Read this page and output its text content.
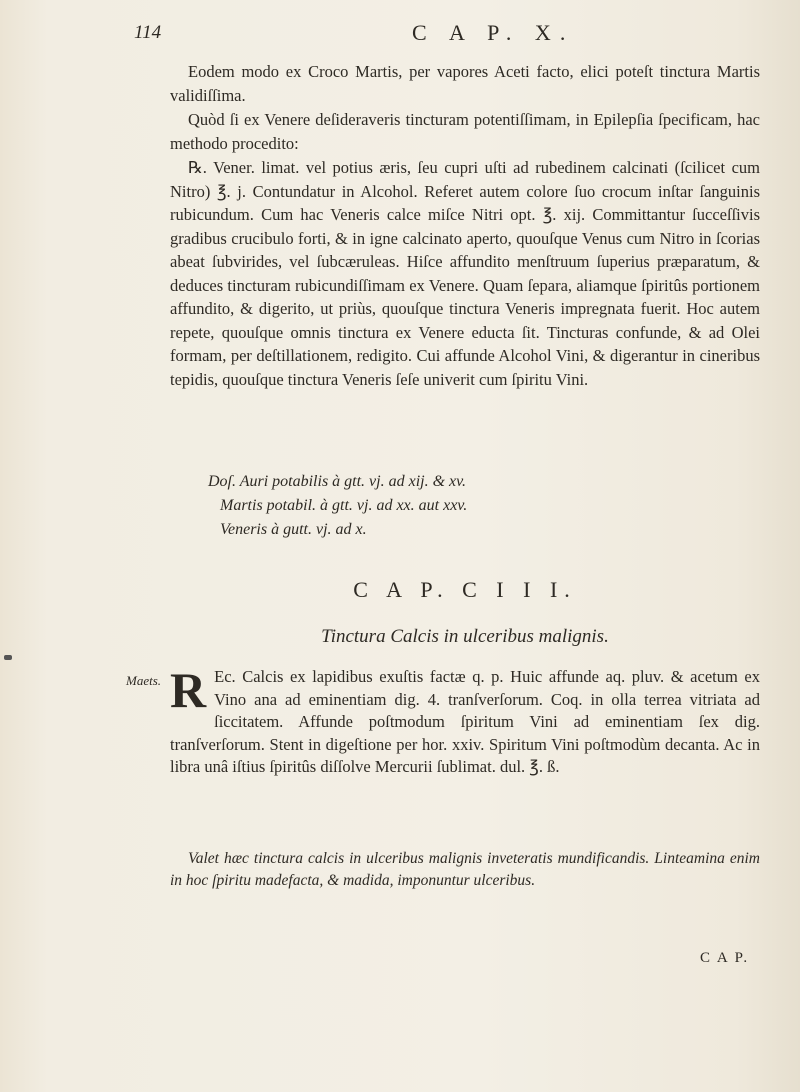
114	C A P. X.

Eodem modo ex Croco Martis, per vapores Aceti facto, elici poteſt tinctura Martis validiſſima.

Quòd ſi ex Venere deſideraveris tincturam potentiſſimam, in Epilepſia ſpecificam, hac methodo procedito:

℞. Vener. limat. vel potius æris, ſeu cupri uſti ad rubedinem calcinati (ſcilicet cum Nitro) ℥. j. Contundatur in Alcohol. Referet autem colore ſuo crocum inſtar ſanguinis rubicundum. Cum hac Veneris calce miſce Nitri opt. ℥. xij. Committantur ſucceſſivis gradibus crucibulo forti, & in igne calcinato aperto, quouſque Venus cum Nitro in ſcorias abeat ſubvirides, vel ſubcæruleas. Hiſce affundito menſtruum ſuperius præparatum, & deduces tincturam rubicundiſſimam ex Venere. Quam ſepara, aliamque ſpiritûs portionem affundito, & digerito, ut priùs, quouſque tinctura Veneris impregnata fuerit. Hoc autem repete, quouſque omnis tinctura ex Venere educta ſit. Tincturas confunde, & ad Olei formam, per deſtillationem, redigito. Cui affunde Alcohol Vini, & digerantur in cineribus tepidis, quouſque tinctura Veneris ſeſe univerit cum ſpiritu Vini.

Doſ. Auri potabilis à gtt. vj. ad xij. & xv.
Martis potabil. à gtt. vj. ad xx. aut xxv.
Veneris à gutt. vj. ad x.
C A P. C I I I.
Tinctura Calcis in ulceribus malignis.
Maets. R Ec. Calcis ex lapidibus exuſtis factæ q. p. Huic affunde aq. pluv. & acetum ex Vino ana ad eminentiam dig. 4. tranſverſorum. Coq. in olla terrea vitriata ad ſiccitatem. Affunde poſtmodum ſpiritum Vini ad eminentiam ſex dig. tranſverſorum. Stent in digeſtione per hor. xxiv. Spiritum Vini poſtmodùm decanta. Ac in libra unâ iſtius ſpiritûs diſſolve Mercurii ſublimat. dul. ℥. ß.

Valet hæc tinctura calcis in ulceribus malignis inveteratis mundificandis. Linteamina enim in hoc ſpiritu madefacta, & madida, imponuntur ulceribus.
C A P.
